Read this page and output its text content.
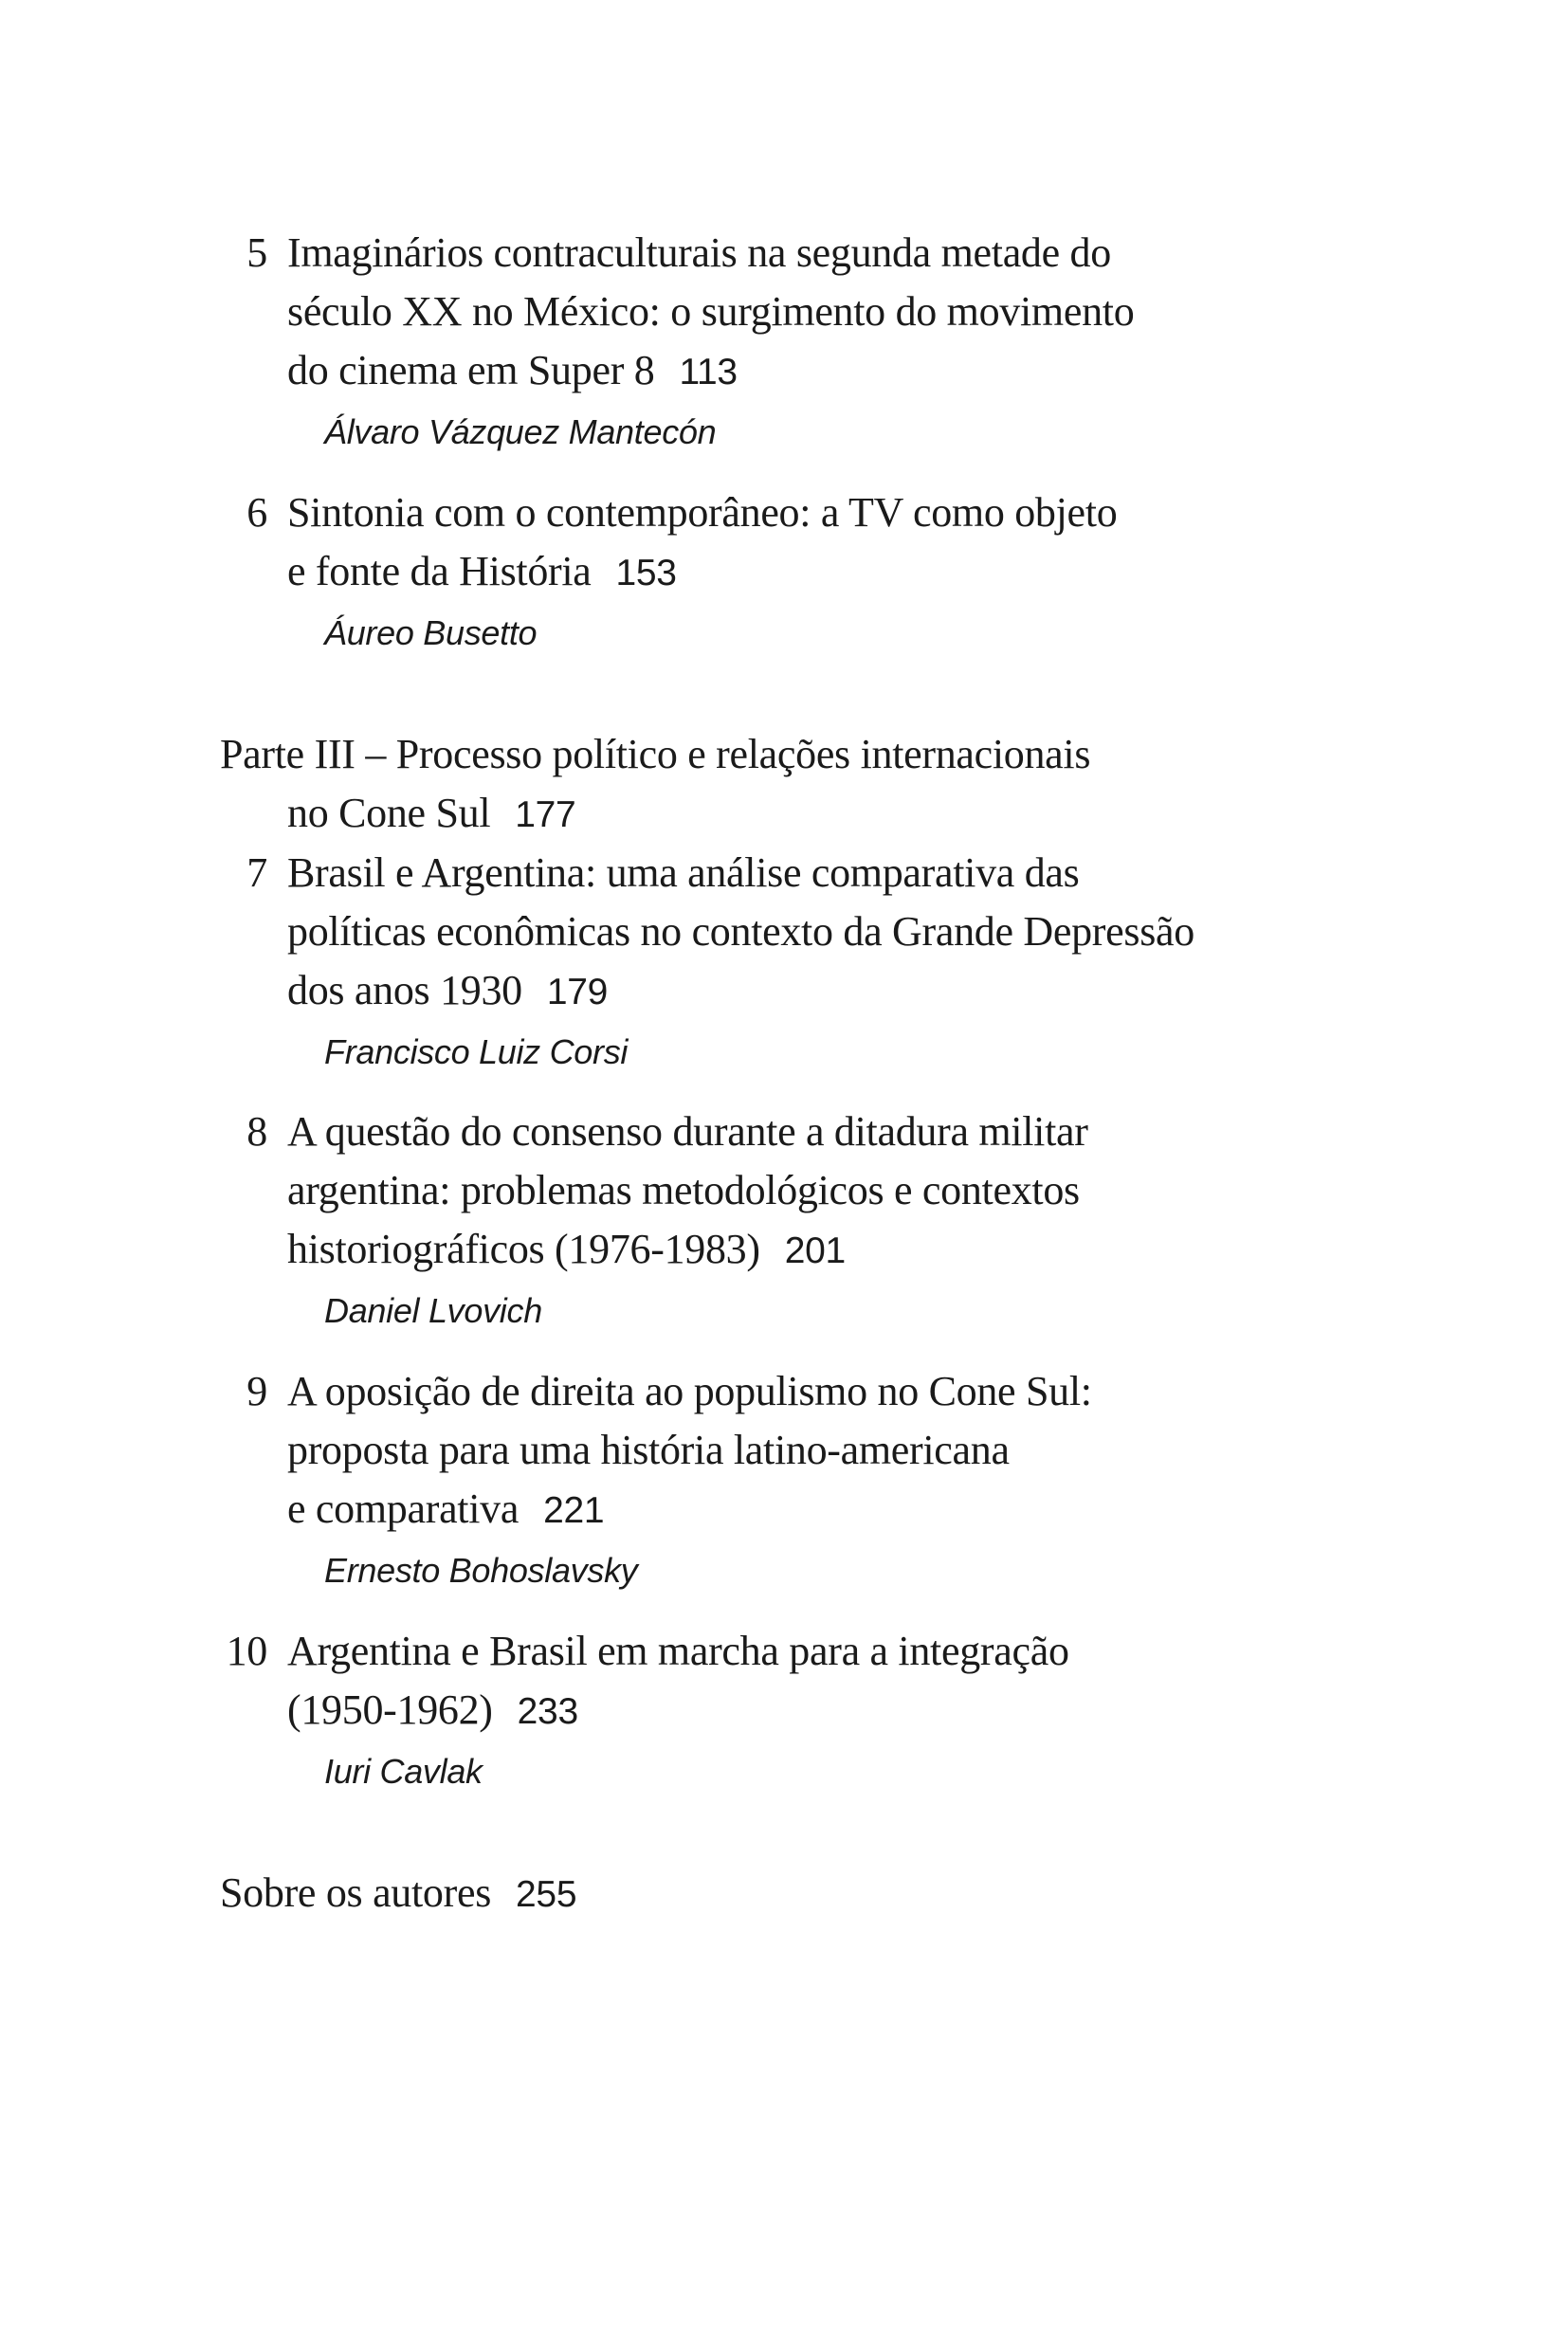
5 Imaginários contraculturais na segunda metade do
século XX no México: o surgimento do movimento
do cinema em Super 8 113
Álvaro Vázquez Mantecón
6 Sintonia com o contemporâneo: a TV como objeto
e fonte da História 153
Áureo Busetto
Parte III – Processo político e relações internacionais
no Cone Sul 177
7 Brasil e Argentina: uma análise comparativa das
políticas econômicas no contexto da Grande Depressão
dos anos 1930 179
Francisco Luiz Corsi
8 A questão do consenso durante a ditadura militar
argentina: problemas metodológicos e contextos
historiográficos (1976-1983) 201
Daniel Lvovich
9 A oposição de direita ao populismo no Cone Sul:
proposta para uma história latino-americana
e comparativa 221
Ernesto Bohoslavsky
10 Argentina e Brasil em marcha para a integração
(1950-1962) 233
Iuri Cavlak
Sobre os autores 255
